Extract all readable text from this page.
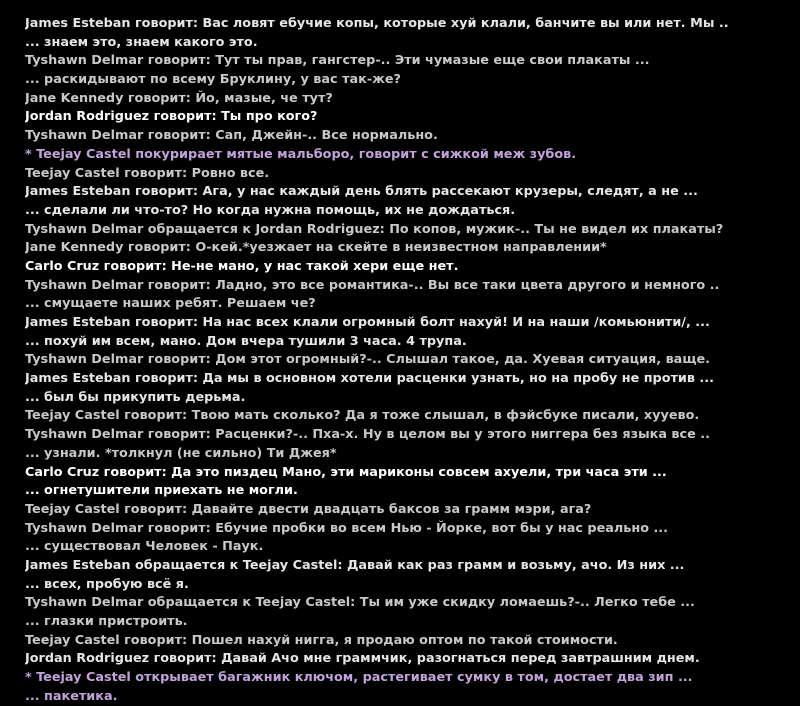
James Esteban говорит: Вас ловят ебучие копы, которые хуй клали, банчите вы или нет. Мы ..
... знаем это, знаем какого это.
Tyshawn Delmar говорит: Тут ты прав, гангстер-.. Эти чумазые еще свои плакаты ...
... раскидывают по всему Бруклину, у вас так-же?
Jane Kennedy говорит: Йо, мазые, че тут?
Jordan Rodriguez говорит: Ты про кого?
Tyshawn Delmar говорит: Сап, Джейн-.. Все нормально.
* Teejay Castel покурирает мятые мальборо, говорит с сижкой меж зубов.
Teejay Castel говорит: Ровно все.
James Esteban говорит: Ага, у нас каждый день блять рассекают крузеры, следят, а не ...
... сделали ли что-то? Но когда нужна помощь, их не дождаться.
Tyshawn Delmar обращается к Jordan Rodriguez: По копов, мужик-.. Ты не видел их плакаты?
Jane Kennedy говорит: О-кей.*уезжает на скейте в неизвестном направлении*
Carlo Cruz говорит: Не-не мано, у нас такой хери еще нет.
Tyshawn Delmar говорит: Ладно, это все романтика-.. Вы все таки цвета другого и немного ..
... смущаете наших ребят. Решаем че?
James Esteban говорит: На нас всех клали огромный болт нахуй! И на наши /комьюнити/, ...
... похуй им всем, мано. Дом вчера тушили 3 часа. 4 трупа.
Tyshawn Delmar говорит: Дом этот огромный?-.. Слышал такое, да. Хуевая ситуация, ваще.
James Esteban говорит: Да мы в основном хотели расценки узнать, но на пробу не против ...
... был бы прикупить дерьма.
Teejay Castel говорит: Твою мать сколько? Да я тоже слышал, в фэйсбуке писали, хууево.
Tyshawn Delmar говорит: Расценки?-.. Пха-х. Ну в целом вы у этого ниггера без языка все ..
... узнали. *толкнул (не сильно) Ти Джея*
Carlo Cruz говорит: Да это пиздец Мано, эти мариконы совсем ахуели, три часа эти ...
... огнетушители приехать не могли.
Teejay Castel говорит: Давайте двести двадцать баксов за грамм мэри, ага?
Tyshawn Delmar говорит: Ебучие пробки во всем Нью - Йорке, вот бы у нас реально ...
... существовал Человек - Паук.
James Esteban обращается к Teejay Castel: Давай как раз грамм и возьму, ачо. Из них ...
... всех, пробую всё я.
Tyshawn Delmar обращается к Teejay Castel: Ты им уже скидку ломаешь?-.. Легко тебе ...
... глазки пристроить.
Teejay Castel говорит: Пошел нахуй нигга, я продаю оптом по такой стоимости.
Jordan Rodriguez говорит: Давай Ачо мне граммчик, разогнаться перед завтрашним днем.
* Teejay Castel открывает багажник ключом, растегивает сумку в том, достает два зип ...
... пакетика.
